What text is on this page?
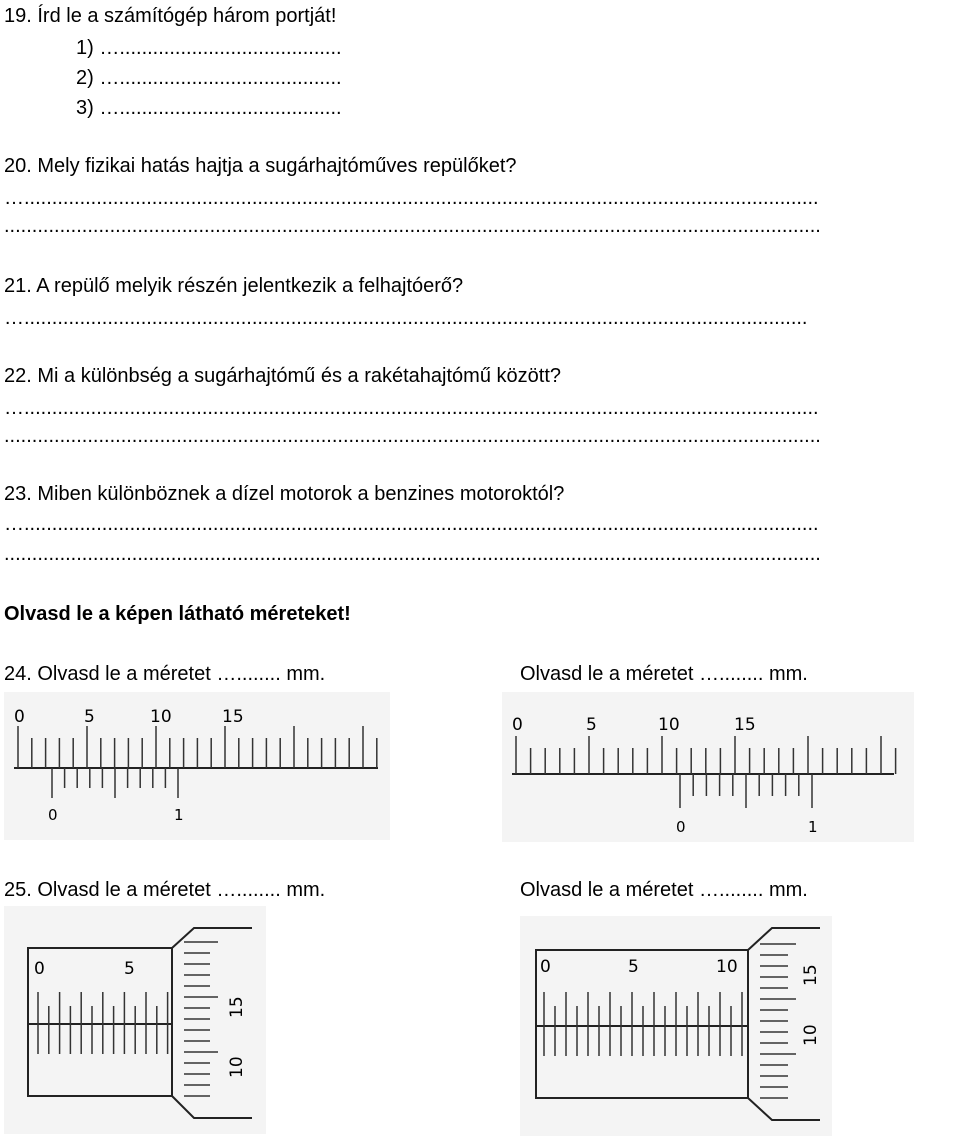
19. Írd le a számítógép három portját!
1) …........................................
2) …........................................
3) …........................................
20. Mely fizikai hatás hajtja a sugárhajtóműves repülőket?
…...............................................................................................................................................
...................................................................................................................................................
21. A repülő melyik részén jelentkezik a felhajtóerő?
….............................................................................................................................................
22. Mi a különbség a sugárhajtómű és a rakétahajtómű között?
…...............................................................................................................................................
...................................................................................................................................................
23. Miben különböznek a dízel motorok a benzines motoroktól?
…...............................................................................................................................................
...................................................................................................................................................
Olvasd le a képen látható méreteket!
24. Olvasd le a méretet …........ mm.	Olvasd le a méretet …........ mm.
0	5	10	15
0	1
0	5	10	15
0	1
25. Olvasd le a méretet …........ mm.	Olvasd le a méretet …........ mm.
0	5
15
10
0	5	10	15
10
